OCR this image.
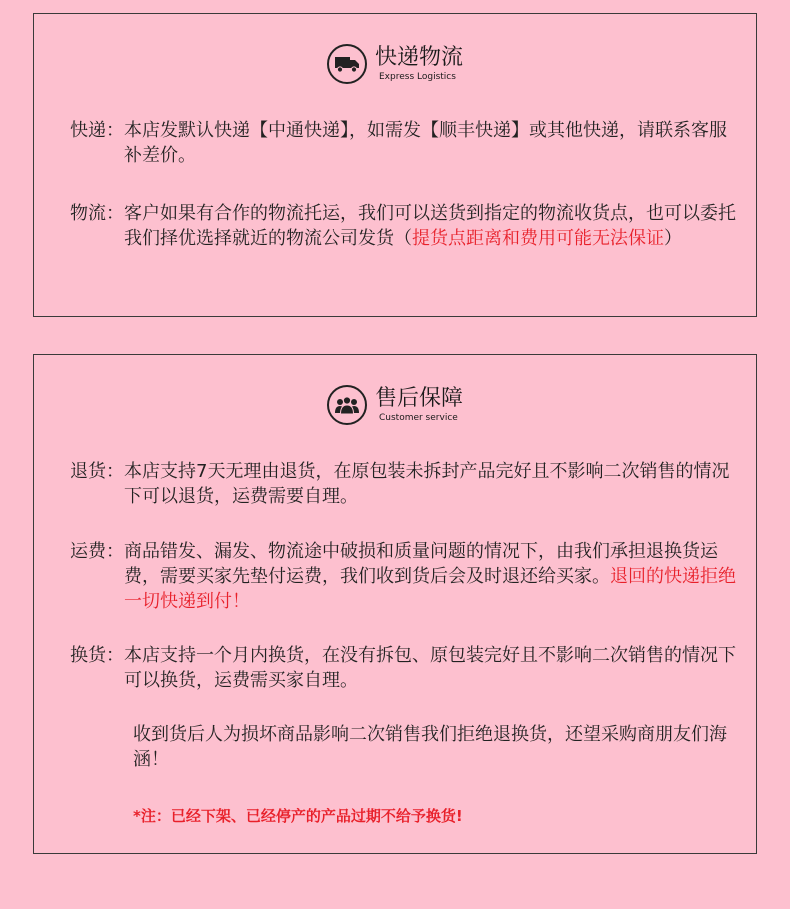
快递物流
Express Logistics
快递： 本店发默认快递【中通快递】，如需发【顺丰快递】或其他快递，请联系客服补差价。
物流： 客户如果有合作的物流托运，我们可以送货到指定的物流收货点，也可以委托我们择优选择就近的物流公司发货（提货点距离和费用可能无法保证）
售后保障
Customer service
退货： 本店支持7天无理由退货，在原包装未拆封产品完好且不影响二次销售的情况下可以退货，运费需要自理。
运费： 商品错发、漏发、物流途中破损和质量问题的情况下，由我们承担退换货运费，需要买家先垫付运费，我们收到货后会及时退还给买家。退回的快递拒绝一切快递到付！
换货： 本店支持一个月内换货，在没有拆包、原包装完好且不影响二次销售的情况下可以换货，运费需买家自理。
收到货后人为损坏商品影响二次销售我们拒绝退换货，还望采购商朋友们海涵！
*注：已经下架、已经停产的产品过期不给予换货!
